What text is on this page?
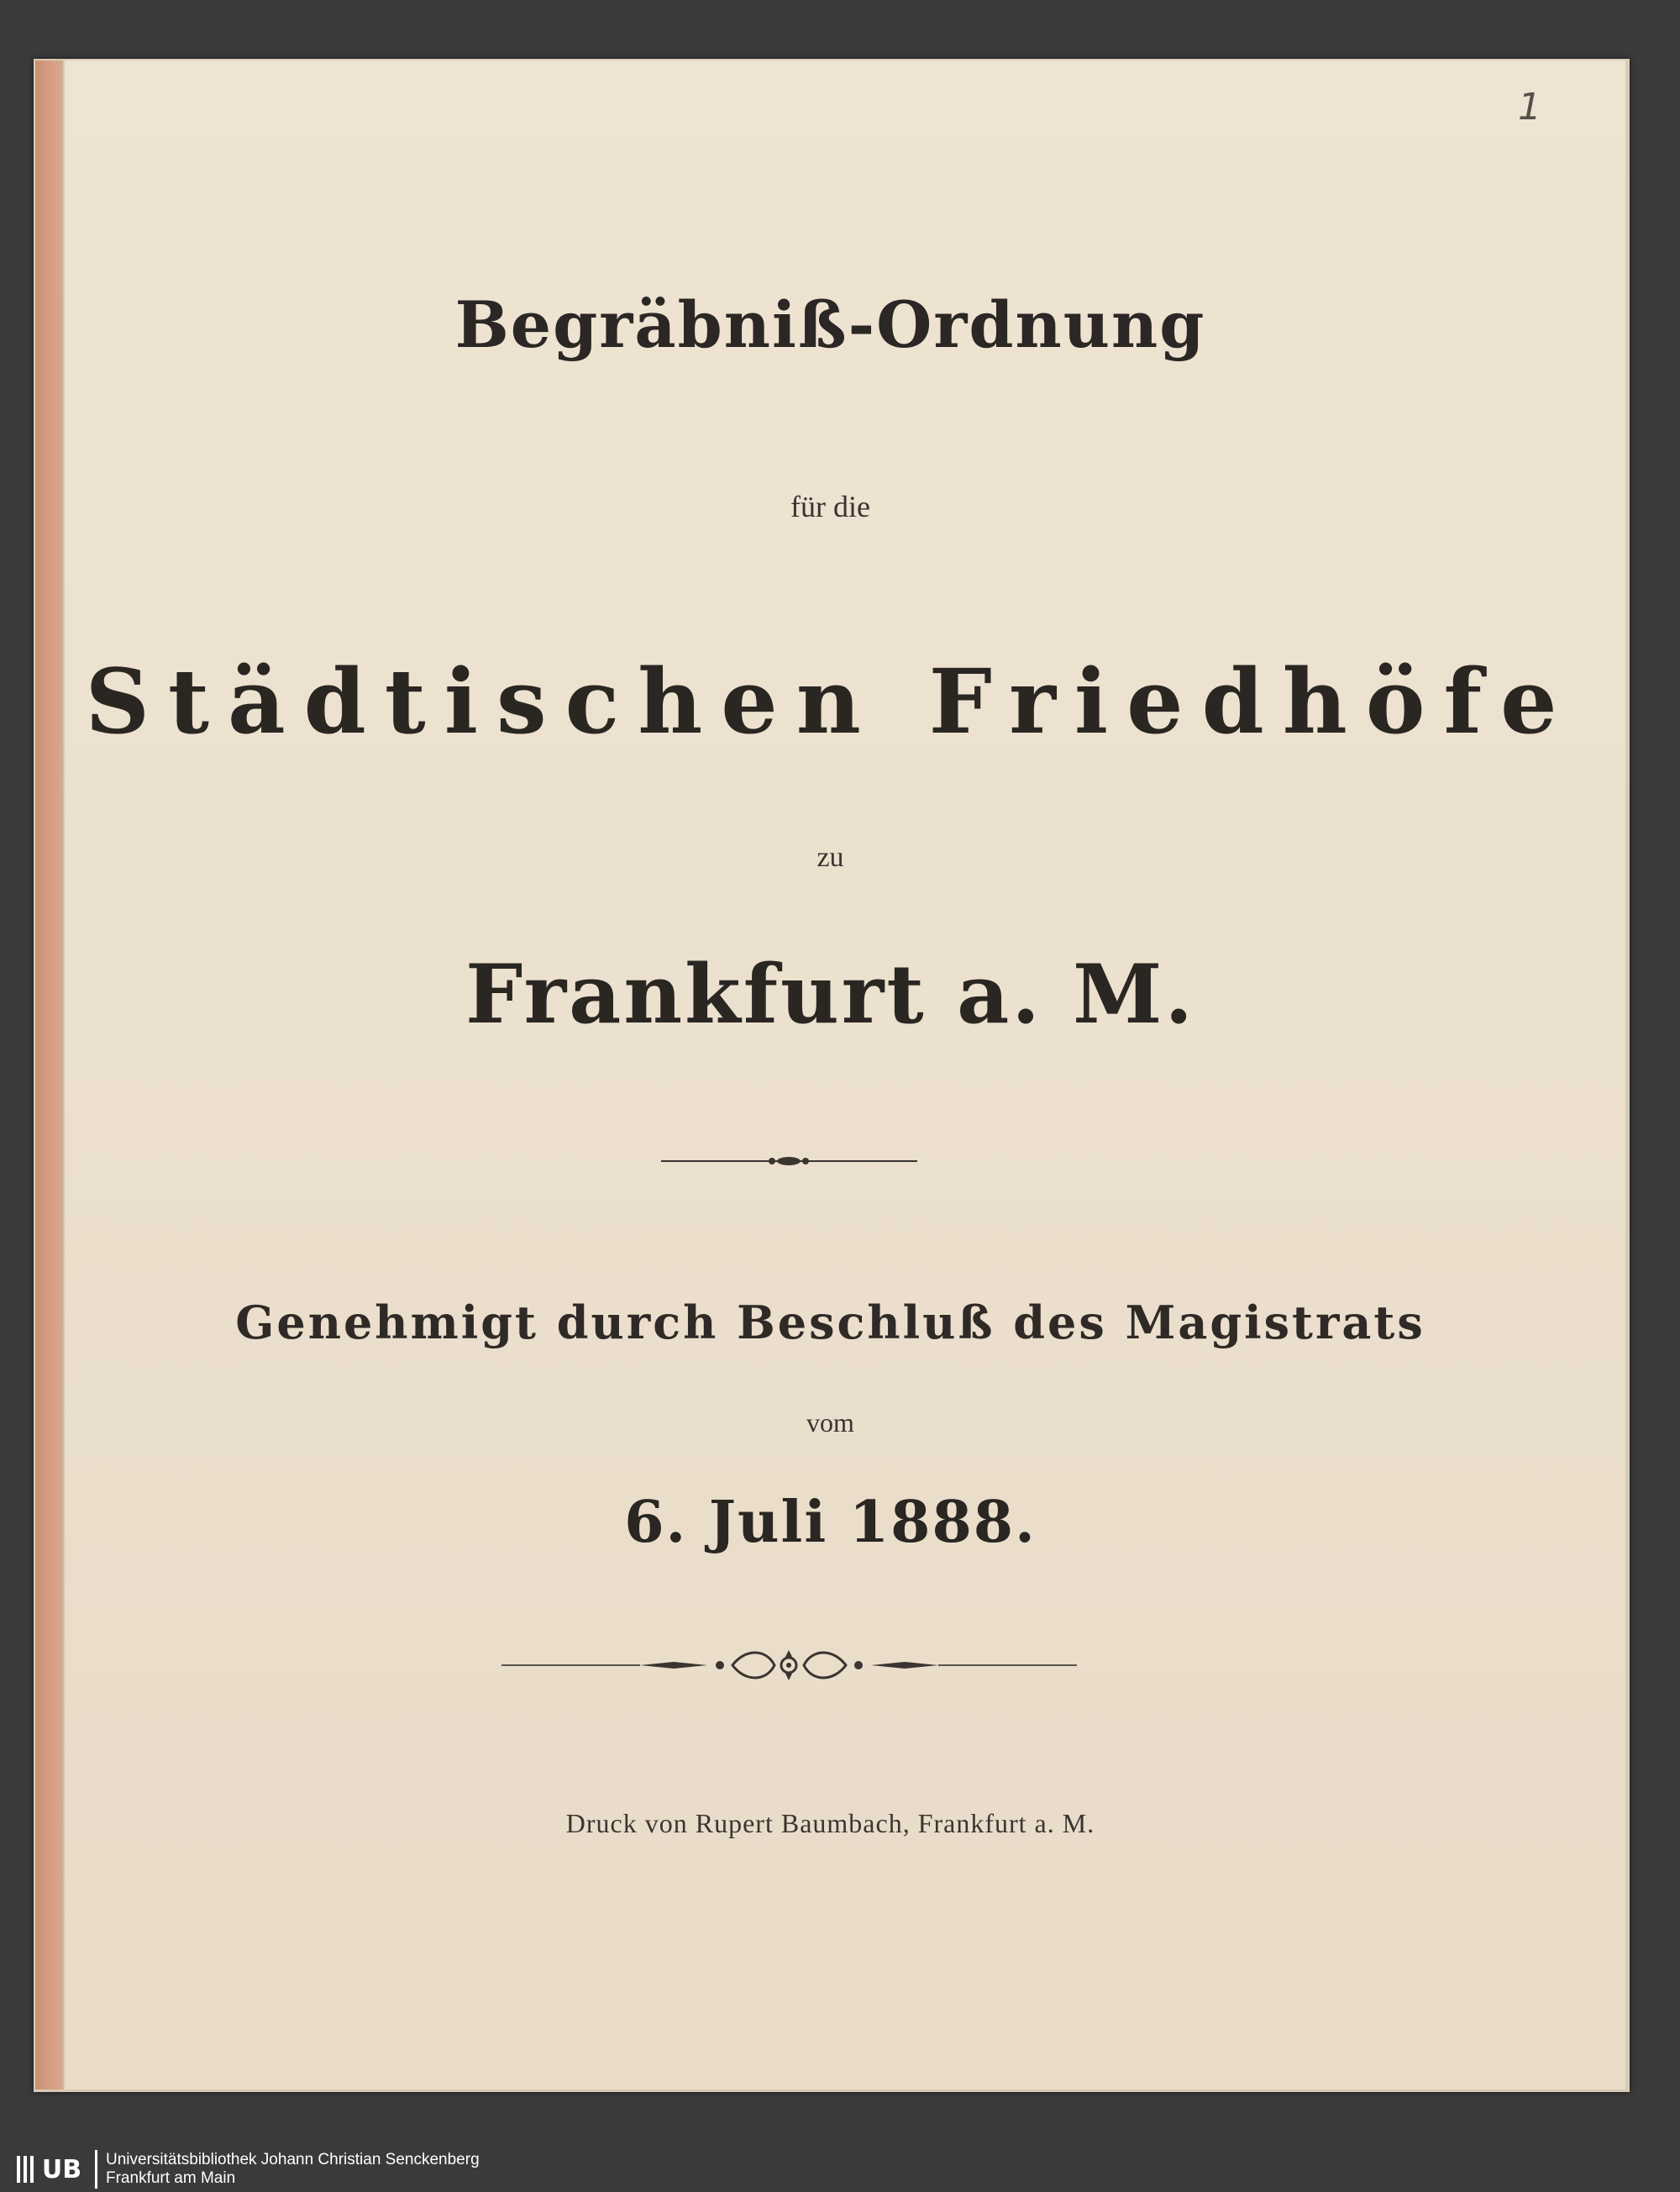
1
Begräbniß-Ordnung
für die
Städtischen Friedhöfe
zu
Frankfurt a. M.
Genehmigt durch Beschluß des Magistrats
vom
6. Juli 1888.
Druck von Rupert Baumbach, Frankfurt a. M.
UB Universitätsbibliothek Johann Christian Senckenberg
Frankfurt am Main
